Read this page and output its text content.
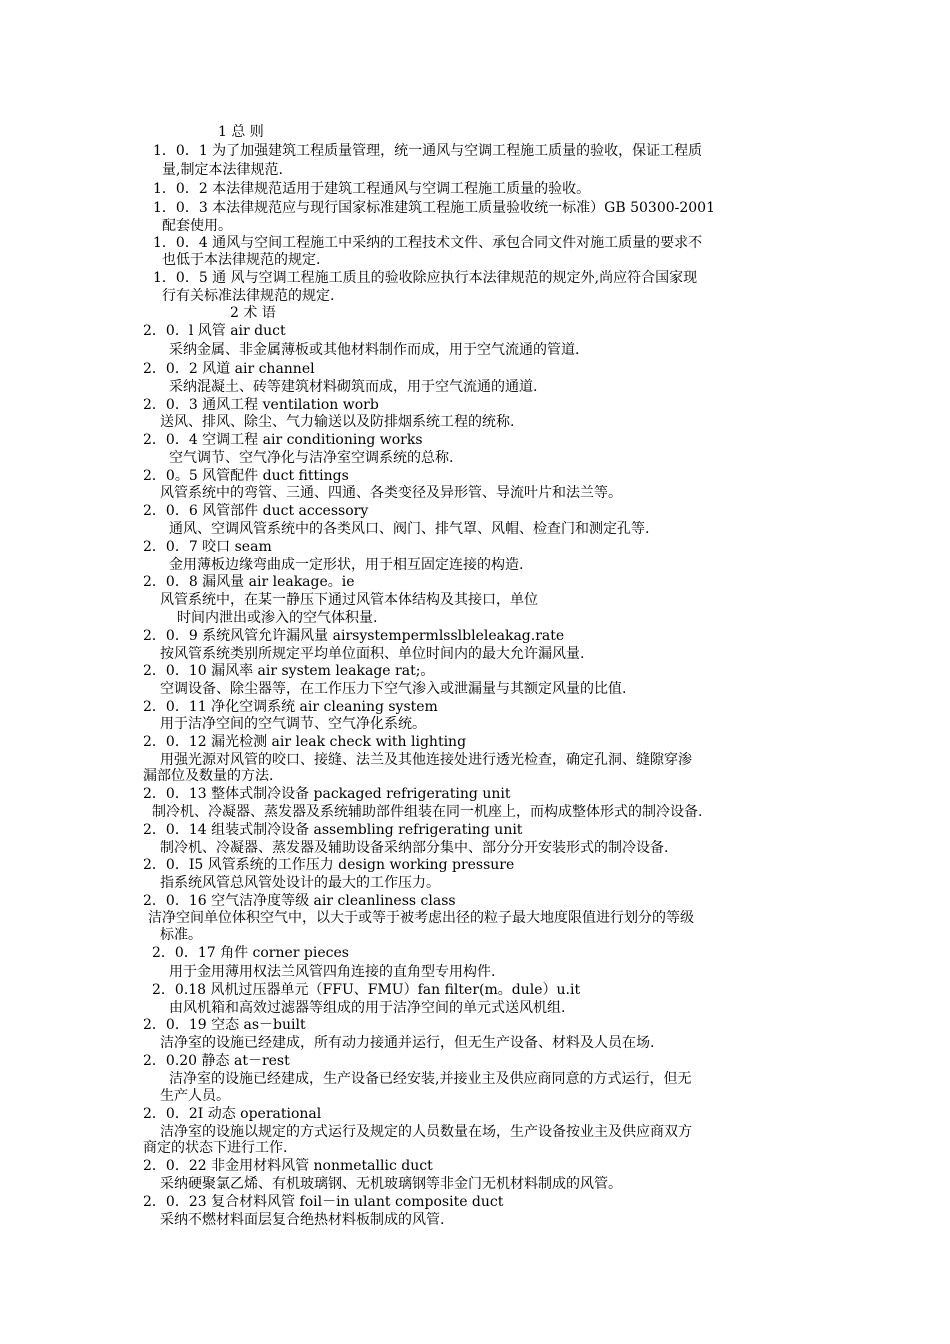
1 总 则
1．0．1 为了加强建筑工程质量管理，统一通风与空调工程施工质量的验收，保证工程质
量,制定本法律规范.
1．0．2 本法律规范适用于建筑工程通风与空调工程施工质量的验收。
1．0．3 本法律规范应与现行国家标准建筑工程施工质量验收统一标准）GB 50300-2001
配套使用。
1．0．4 通风与空间工程施工中采纳的工程技术文件、承包合同文件对施工质量的要求不
也低于本法律规范的规定.
1．0．5 通 风与空调工程施工质且的验收除应执行本法律规范的规定外,尚应符合国家现
行有关标准法律规范的规定.
2 术 语
2．0．l 风管 air duct
采纳金属、非金属薄板或其他材料制作而成，用于空气流通的管道.
2．0．2 风道 air channel
采纳混凝土、砖等建筑材料砌筑而成，用于空气流通的通道.
2．0．3 通风工程 ventilation worb
送风、排风、除尘、气力输送以及防排烟系统工程的统称.
2．0．4 空调工程 air conditioning works
空气调节、空气净化与洁净室空调系统的总称.
2．0。5 风管配件 duct fittings
风管系统中的弯管、三通、四通、各类变径及异形管、导流叶片和法兰等。
2．0．6 风管部件 duct accessory
通风、空调风管系统中的各类风口、阀门、排气罩、风帽、检查门和测定孔等.
2．0．7 咬口 seam
金用薄板边缘弯曲成一定形状，用于相互固定连接的构造.
2．0．8 漏风量 air leakage。ie
风管系统中，在某一静压下通过风管本体结构及其接口，单位
时间内泄出或渗入的空气体积量.
2．0．9 系统风管允许漏风量 airsystempermlsslbleleakag.rate
按风管系统类别所规定平均单位面积、单位时间内的最大允许漏风量.
2．0．10 漏风率 air system leakage rat;。
空调设备、除尘器等，在工作压力下空气渗入或泄漏量与其额定风量的比值.
2．0．11 净化空调系统 air cleaning system
用于洁净空间的空气调节、空气净化系统。
2．0．12 漏光检测 air leak check with lighting
用强光源对风管的咬口、接缝、法兰及其他连接处进行透光检查，确定孔洞、缝隙穿渗
漏部位及数量的方法.
2．0．13 整体式制冷设备 packaged refrigerating unit
制冷机、冷凝器、蒸发器及系统辅助部件组装在同一机座上，而构成整体形式的制冷设备.
2．0．14 组装式制冷设备 assembling refrigerating unit
制冷机、冷凝器、蒸发器及辅助设备采纳部分集中、部分分开安装形式的制冷设备.
2．0．I5 风管系统的工作压力 design working pressure
指系统风管总风管处设计的最大的工作压力。
2．0．16 空气洁净度等级 air cleanliness class
洁净空间单位体积空气中，以大于或等于被考虑出径的粒子最大地度限值进行划分的等级
标准。
2．0．17 角件 corner pieces
用于金用薄用权法兰风管四角连接的直角型专用构件.
2．0.18 风机过压器单元（FFU、FMU）fan filter(m。dule）u.it
由风机箱和高效过滤器等组成的用于洁净空间的单元式送风机组.
2．0．19 空态 as－built
洁净室的设施已经建成，所有动力接通并运行，但无生产设备、材料及人员在场.
2．0.20 静态 at－rest
洁净室的设施已经建成，生产设备已经安装,并接业主及供应商同意的方式运行，但无
生产人员。
2．0．2I 动态 operational
洁净室的设施以规定的方式运行及规定的人员数量在场，生产设备按业主及供应商双方
商定的状态下进行工作.
2．0．22 非金用材料风管 nonmetallic duct
采纳硬聚氯乙烯、有机玻璃钢、无机玻璃钢等非金门无机材料制成的风管。
2．0．23 复合材料风管 foil－in ulant composite duct
采纳不燃材料面层复合绝热材料板制成的风管.
